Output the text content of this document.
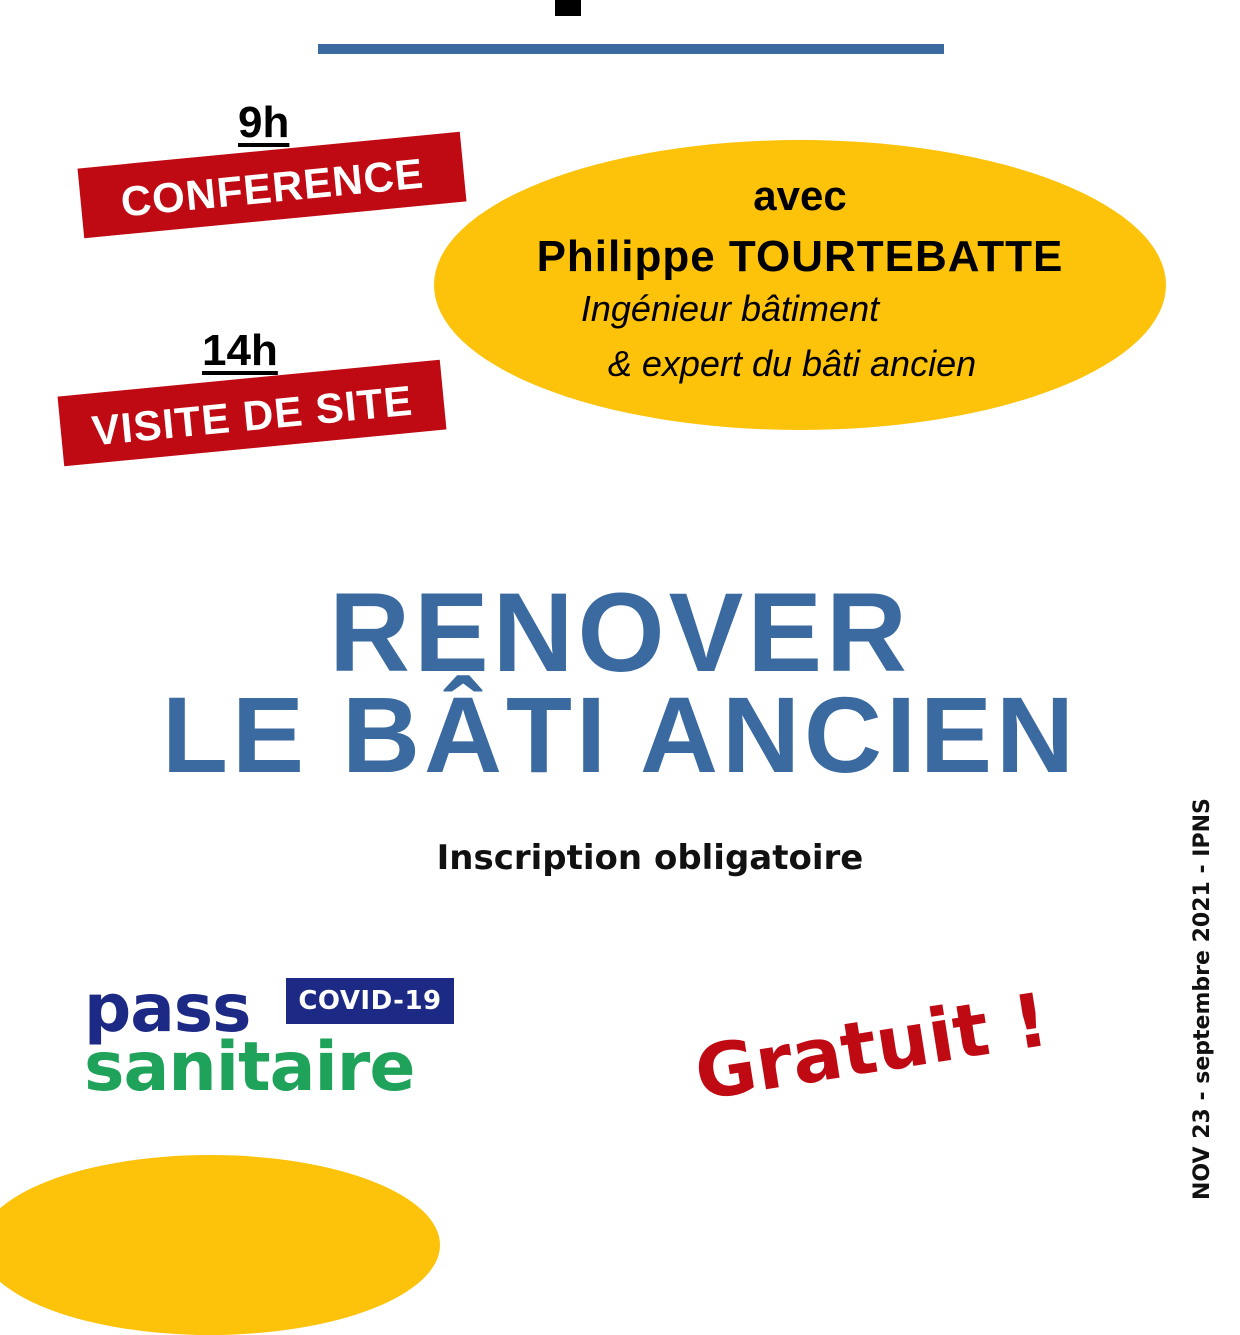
9h
CONFERENCE	avec
Philippe TOURTEBATTE
Ingénieur bâtiment
& expert du bâti ancien
14h
VISITE DE SITE
RENOVER
LE BÂTI ANCIEN
Inscription obligatoire
pass	COVID-19
sanitaire	Gratuit !	NOV 23 - septembre 2021 - IPNS
